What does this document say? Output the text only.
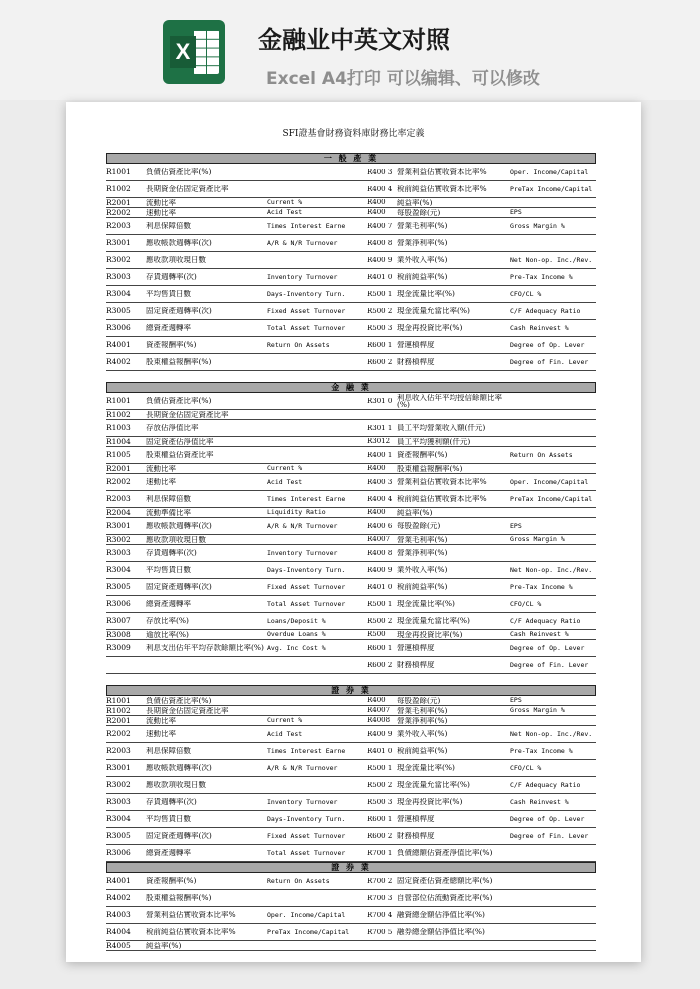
X	金融业中英文对照
Excel A4打印 可以编辑、可以修改
SFI證基會財務資料庫財務比率定義
一 般 產 業
R1001	負債佔資產比率(%)	R400 3 營業利益佔實收資本比率%	Oper. Income/Capital
R1002	長期資金佔固定資產比率	R400 4 稅前純益佔實收資本比率%	PreTax Income/Capital
R2001	流動比率	Current %	R400	純益率(%)
R2002	速動比率	Acid Test	R400	每股盈餘(元)	EPS
R2003	利息保障倍數	Times Interest Earne	R400 7 營業毛利率(%)	Gross Margin %
R3001	應收帳款週轉率(次)	A/R & N/R Turnover	R400 8 營業淨利率(%)
R3002	應收款項收現日數	R400 9 業外收入率(%)	Net Non-op. Inc./Rev.
R3003	存貨週轉率(次)	Inventory Turnover	R401 0 稅前純益率(%)	Pre-Tax Income %
R3004	平均售貨日數	Days-Inventory Turn.	R500 1 現金流量比率(%)	CFO/CL %
R3005	固定資產週轉率(次)	Fixed Asset Turnover	R500 2 現金流量允當比率(%)	C/F Adequacy Ratio
R3006	總資產週轉率	Total Asset Turnover	R500 3 現金再投資比率(%)	Cash Reinvest %
R4001	資產報酬率(%)	Return On Assets	R600 1 營運槓桿度	Degree of Op. Lever
R4002	股東權益報酬率(%)	R600 2 財務槓桿度	Degree of Fin. Lever
金 融 業
R1001	負債佔資產比率(%)	R301 0 利息收入佔年平均授信餘額比率(%)
R1002	長期資金佔固定資產比率
R1003	存放佔淨值比率	R301 1 員工平均營業收入額(仟元)
R1004	固定資產佔淨值比率	R3012 員工平均獲利額(仟元)
R1005	股東權益佔資產比率	R400 1 資產報酬率(%)	Return On Assets
R2001	流動比率	Current %	R400	股東權益報酬率(%)
R2002	速動比率	Acid Test	R400 3 營業利益佔實收資本比率%	Oper. Income/Capital
R2003	利息保障倍數	Times Interest Earne	R400 4 稅前純益佔實收資本比率%	PreTax Income/Capital
R2004	流動準備比率	Liquidity Ratio	R400	純益率(%)
R3001	應收帳款週轉率(次)	A/R & N/R Turnover	R400 6 每股盈餘(元)	EPS
R3002	應收款項收現日數	R4007 營業毛利率(%)	Gross Margin %
R3003	存貨週轉率(次)	Inventory Turnover	R400 8 營業淨利率(%)
R3004	平均售貨日數	Days-Inventory Turn.	R400 9 業外收入率(%)	Net Non-op. Inc./Rev.
R3005	固定資產週轉率(次)	Fixed Asset Turnover	R401 0 稅前純益率(%)	Pre-Tax Income %
R3006	總資產週轉率	Total Asset Turnover	R500 1 現金流量比率(%)	CFO/CL %
R3007	存放比率(%)	Loans/Deposit %	R500 2 現金流量允當比率(%)	C/F Adequacy Ratio
R3008	逾放比率(%)	Overdue Loans %	R500	現金再投資比率(%)	Cash Reinvest %
R3009	利息支出佔年平均存款餘額比率(%) Avg. Inc Cost %	R600 1 營運槓桿度	Degree of Op. Lever
R600 2 財務槓桿度	Degree of Fin. Lever
證 券 業
R1001	負債佔資產比率(%)	R400	每股盈餘(元)	EPS
R1002	長期資金佔固定資產比率	R4007 營業毛利率(%)	Gross Margin %
R2001	流動比率	Current %	R4008 營業淨利率(%)
R2002	速動比率	Acid Test	R400 9 業外收入率(%)	Net Non-op. Inc./Rev.
R2003	利息保障倍數	Times Interest Earne	R401 0 稅前純益率(%)	Pre-Tax Income %
R3001	應收帳款週轉率(次)	A/R & N/R Turnover	R500 1 現金流量比率(%)	CFO/CL %
R3002	應收款項收現日數	R500 2 現金流量允當比率(%)	C/F Adequacy Ratio
R3003	存貨週轉率(次)	Inventory Turnover	R500 3 現金再投資比率(%)	Cash Reinvest %
R3004	平均售貨日數	Days-Inventory Turn.	R600 1 營運槓桿度	Degree of Op. Lever
R3005	固定資產週轉率(次)	Fixed Asset Turnover	R600 2 財務槓桿度	Degree of Fin. Lever
R3006	總資產週轉率	Total Asset Turnover	R700 1 負債總額佔資產淨值比率(%)
證 券 業
R4001	資產報酬率(%)	Return On Assets	R700 2 固定資產佔資產總額比率(%)
R4002	股東權益報酬率(%)	R700 3 自營部位佔流動資產比率(%)
R4003	營業利益佔實收資本比率%	Oper. Income/Capital	R700 4 融資總金額佔淨值比率(%)
R4004	稅前純益佔實收資本比率%	PreTax Income/Capital	R700 5 融券總金額佔淨值比率(%)
R4005	純益率(%)
